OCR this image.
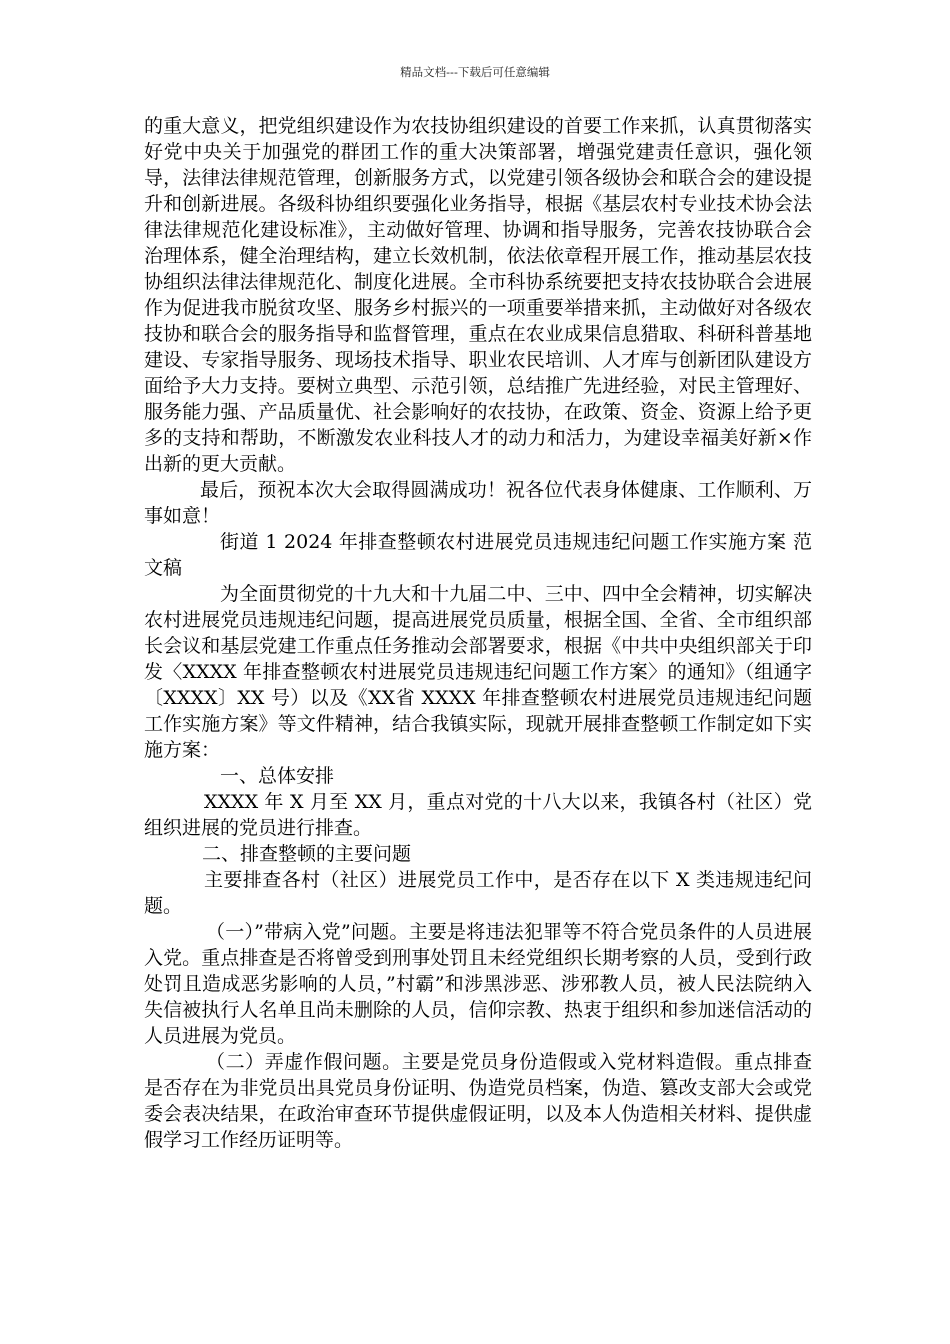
精品文档---下载后可任意编辑

的重大意义，把党组织建设作为农技协组织建设的首要工作来抓，认真贯彻落实好党中央关于加强党的群团工作的重大决策部署，增强党建责任意识，强化领导，法律法律规范管理，创新服务方式，以党建引领各级协会和联合会的建设提升和创新进展。各级科协组织要强化业务指导，根据《基层农村专业技术协会法律法律规范化建设标准》，主动做好管理、协调和指导服务，完善农技协联合会治理体系，健全治理结构，建立长效机制，依法依章程开展工作，推动基层农技协组织法律法律规范化、制度化进展。全市科协系统要把支持农技协联合会进展作为促进我市脱贫攻坚、服务乡村振兴的一项重要举措来抓，主动做好对各级农技协和联合会的服务指导和监督管理，重点在农业成果信息猎取、科研科普基地建设、专家指导服务、现场技术指导、职业农民培训、人才库与创新团队建设方面给予大力支持。要树立典型、示范引领，总结推广先进经验，对民主管理好、服务能力强、产品质量优、社会影响好的农技协，在政策、资金、资源上给予更多的支持和帮助，不断激发农业科技人才的动力和活力，为建设幸福美好新×作出新的更大贡献。

最后，预祝本次大会取得圆满成功！祝各位代表身体健康、工作顺利、万事如意！

街道 1 2024 年排查整顿农村进展党员违规违纪问题工作实施方案 范文稿

为全面贯彻党的十九大和十九届二中、三中、四中全会精神，切实解决农村进展党员违规违纪问题，提高进展党员质量，根据全国、全省、全市组织部长会议和基层党建工作重点任务推动会部署要求，根据《中共中央组织部关于印发〈XXXX 年排查整顿农村进展党员违规违纪问题工作方案〉的通知》（组通字〔XXXX〕XX 号）以及《XX省 XXXX 年排查整顿农村进展党员违规违纪问题工作实施方案》等文件精神，结合我镇实际，现就开展排查整顿工作制定如下实施方案：

一、总体安排

XXXX 年 X 月至 XX 月，重点对党的十八大以来，我镇各村（社区）党组织进展的党员进行排查。

二、排查整顿的主要问题

主要排查各村（社区）进展党员工作中，是否存在以下 X 类违规违纪问题。

（一）”带病入党”问题。主要是将违法犯罪等不符合党员条件的人员进展入党。重点排查是否将曾受到刑事处罚且未经党组织长期考察的人员，受到行政处罚且造成恶劣影响的人员，”村霸”和涉黑涉恶、涉邪教人员，被人民法院纳入失信被执行人名单且尚未删除的人员，信仰宗教、热衷于组织和参加迷信活动的人员进展为党员。

（二）弄虚作假问题。主要是党员身份造假或入党材料造假。重点排查是否存在为非党员出具党员身份证明、伪造党员档案，伪造、篡改支部大会或党委会表决结果，在政治审查环节提供虚假证明，以及本人伪造相关材料、提供虚假学习工作经历证明等。
